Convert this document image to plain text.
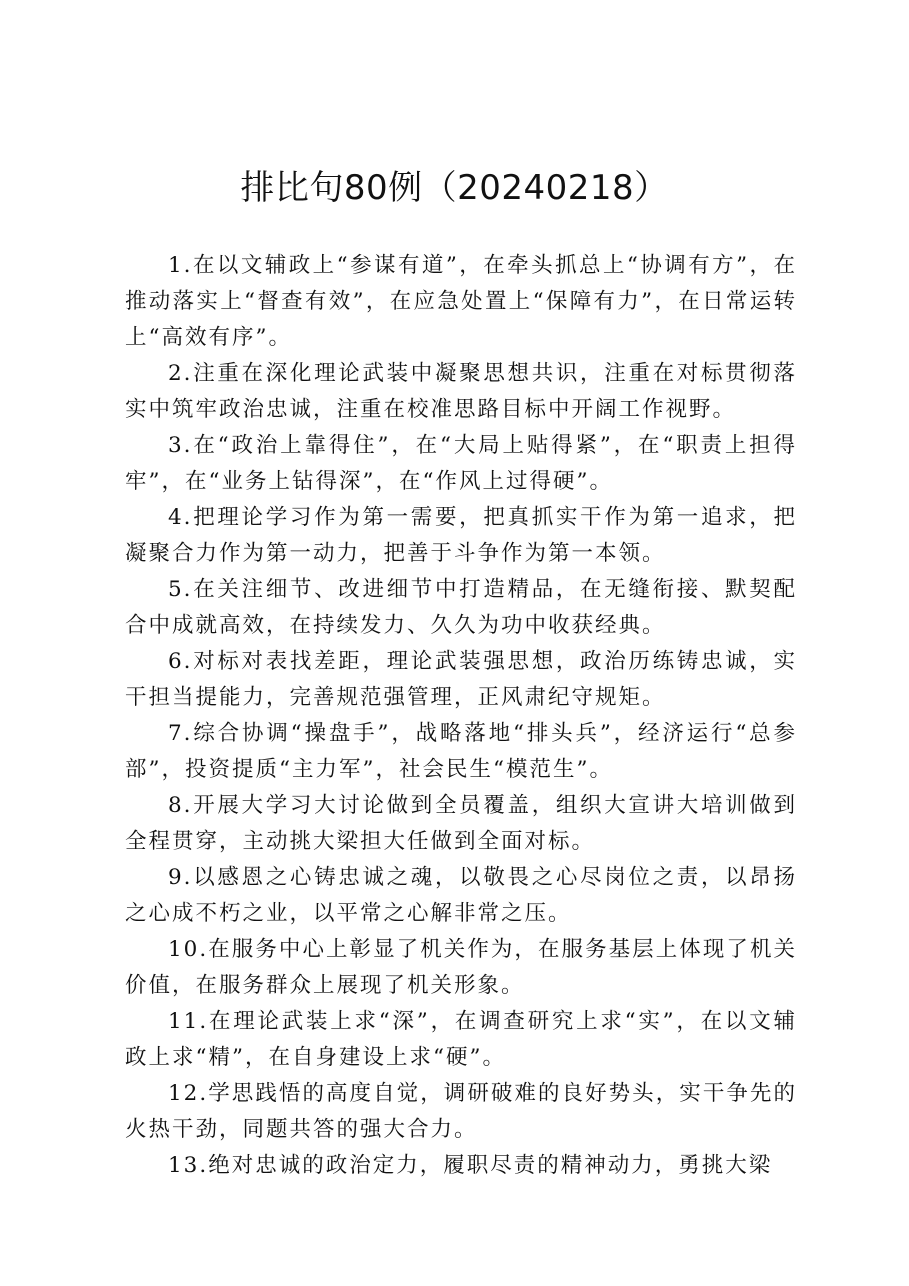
排比句80例（20240218）

1.在以文辅政上“参谋有道”，在牵头抓总上“协调有方”，在推动落实上“督查有效”，在应急处置上“保障有力”，在日常运转上“高效有序”。

2.注重在深化理论武装中凝聚思想共识，注重在对标贯彻落实中筑牢政治忠诚，注重在校准思路目标中开阔工作视野。

3.在“政治上靠得住”，在“大局上贴得紧”，在“职责上担得牢”，在“业务上钻得深”，在“作风上过得硬”。

4.把理论学习作为第一需要，把真抓实干作为第一追求，把凝聚合力作为第一动力，把善于斗争作为第一本领。

5.在关注细节、改进细节中打造精品，在无缝衔接、默契配合中成就高效，在持续发力、久久为功中收获经典。

6.对标对表找差距，理论武装强思想，政治历练铸忠诚，实干担当提能力，完善规范强管理，正风肃纪守规矩。

7.综合协调“操盘手”，战略落地“排头兵”，经济运行“总参部”，投资提质“主力军”，社会民生“模范生”。

8.开展大学习大讨论做到全员覆盖，组织大宣讲大培训做到全程贯穿，主动挑大梁担大任做到全面对标。

9.以感恩之心铸忠诚之魂，以敬畏之心尽岗位之责，以昂扬之心成不朽之业，以平常之心解非常之压。

10.在服务中心上彰显了机关作为，在服务基层上体现了机关价值，在服务群众上展现了机关形象。

11.在理论武装上求“深”，在调查研究上求“实”，在以文辅政上求“精”，在自身建设上求“硬”。

12.学思践悟的高度自觉，调研破难的良好势头，实干争先的火热干劲，同题共答的强大合力。

13.绝对忠诚的政治定力，履职尽责的精神动力，勇挑大梁
